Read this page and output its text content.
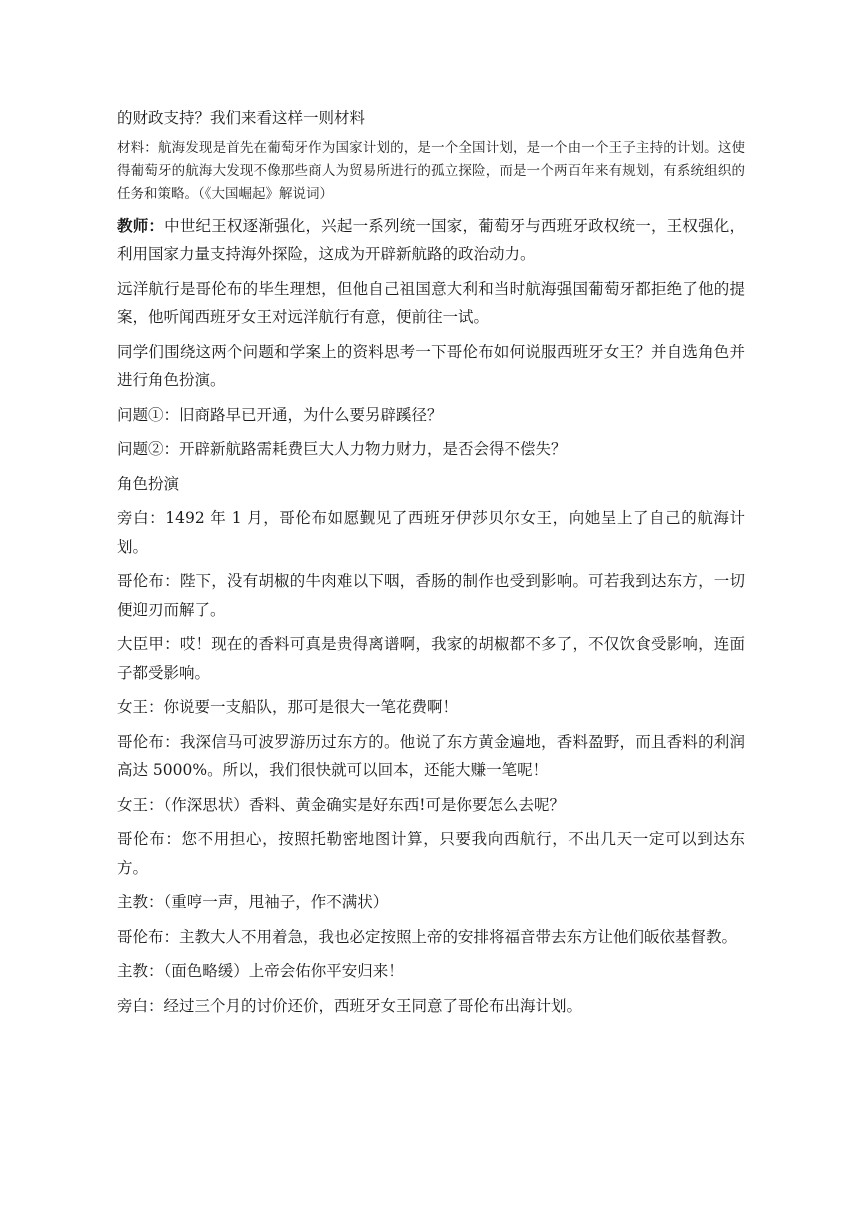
的财政支持？我们来看这样一则材料

材料：航海发现是首先在葡萄牙作为国家计划的，是一个全国计划，是一个由一个王子主持的计划。这使得葡萄牙的航海大发现不像那些商人为贸易所进行的孤立探险，而是一个两百年来有规划，有系统组织的任务和策略。（《大国崛起》解说词）

教师：中世纪王权逐渐强化，兴起一系列统一国家，葡萄牙与西班牙政权统一，王权强化，利用国家力量支持海外探险，这成为开辟新航路的政治动力。

远洋航行是哥伦布的毕生理想，但他自己祖国意大利和当时航海强国葡萄牙都拒绝了他的提案，他听闻西班牙女王对远洋航行有意，便前往一试。

同学们围绕这两个问题和学案上的资料思考一下哥伦布如何说服西班牙女王？并自选角色并进行角色扮演。

问题①：旧商路早已开通，为什么要另辟蹊径？

问题②：开辟新航路需耗费巨大人力物力财力，是否会得不偿失？

角色扮演

旁白：1492 年 1 月，哥伦布如愿觐见了西班牙伊莎贝尔女王，向她呈上了自己的航海计划。

哥伦布：陛下，没有胡椒的牛肉难以下咽，香肠的制作也受到影响。可若我到达东方，一切便迎刃而解了。

大臣甲：哎！现在的香料可真是贵得离谱啊，我家的胡椒都不多了，不仅饮食受影响，连面子都受影响。

女王：你说要一支船队，那可是很大一笔花费啊！

哥伦布：我深信马可波罗游历过东方的。他说了东方黄金遍地，香料盈野，而且香料的利润高达 5000%。所以，我们很快就可以回本，还能大赚一笔呢！

女王：（作深思状）香料、黄金确实是好东西!可是你要怎么去呢？

哥伦布：您不用担心，按照托勒密地图计算，只要我向西航行，不出几天一定可以到达东方。

主教：（重哼一声，甩袖子，作不满状）

哥伦布：主教大人不用着急，我也必定按照上帝的安排将福音带去东方让他们皈依基督教。

主教：（面色略缓）上帝会佑你平安归来！

旁白：经过三个月的讨价还价，西班牙女王同意了哥伦布出海计划。
